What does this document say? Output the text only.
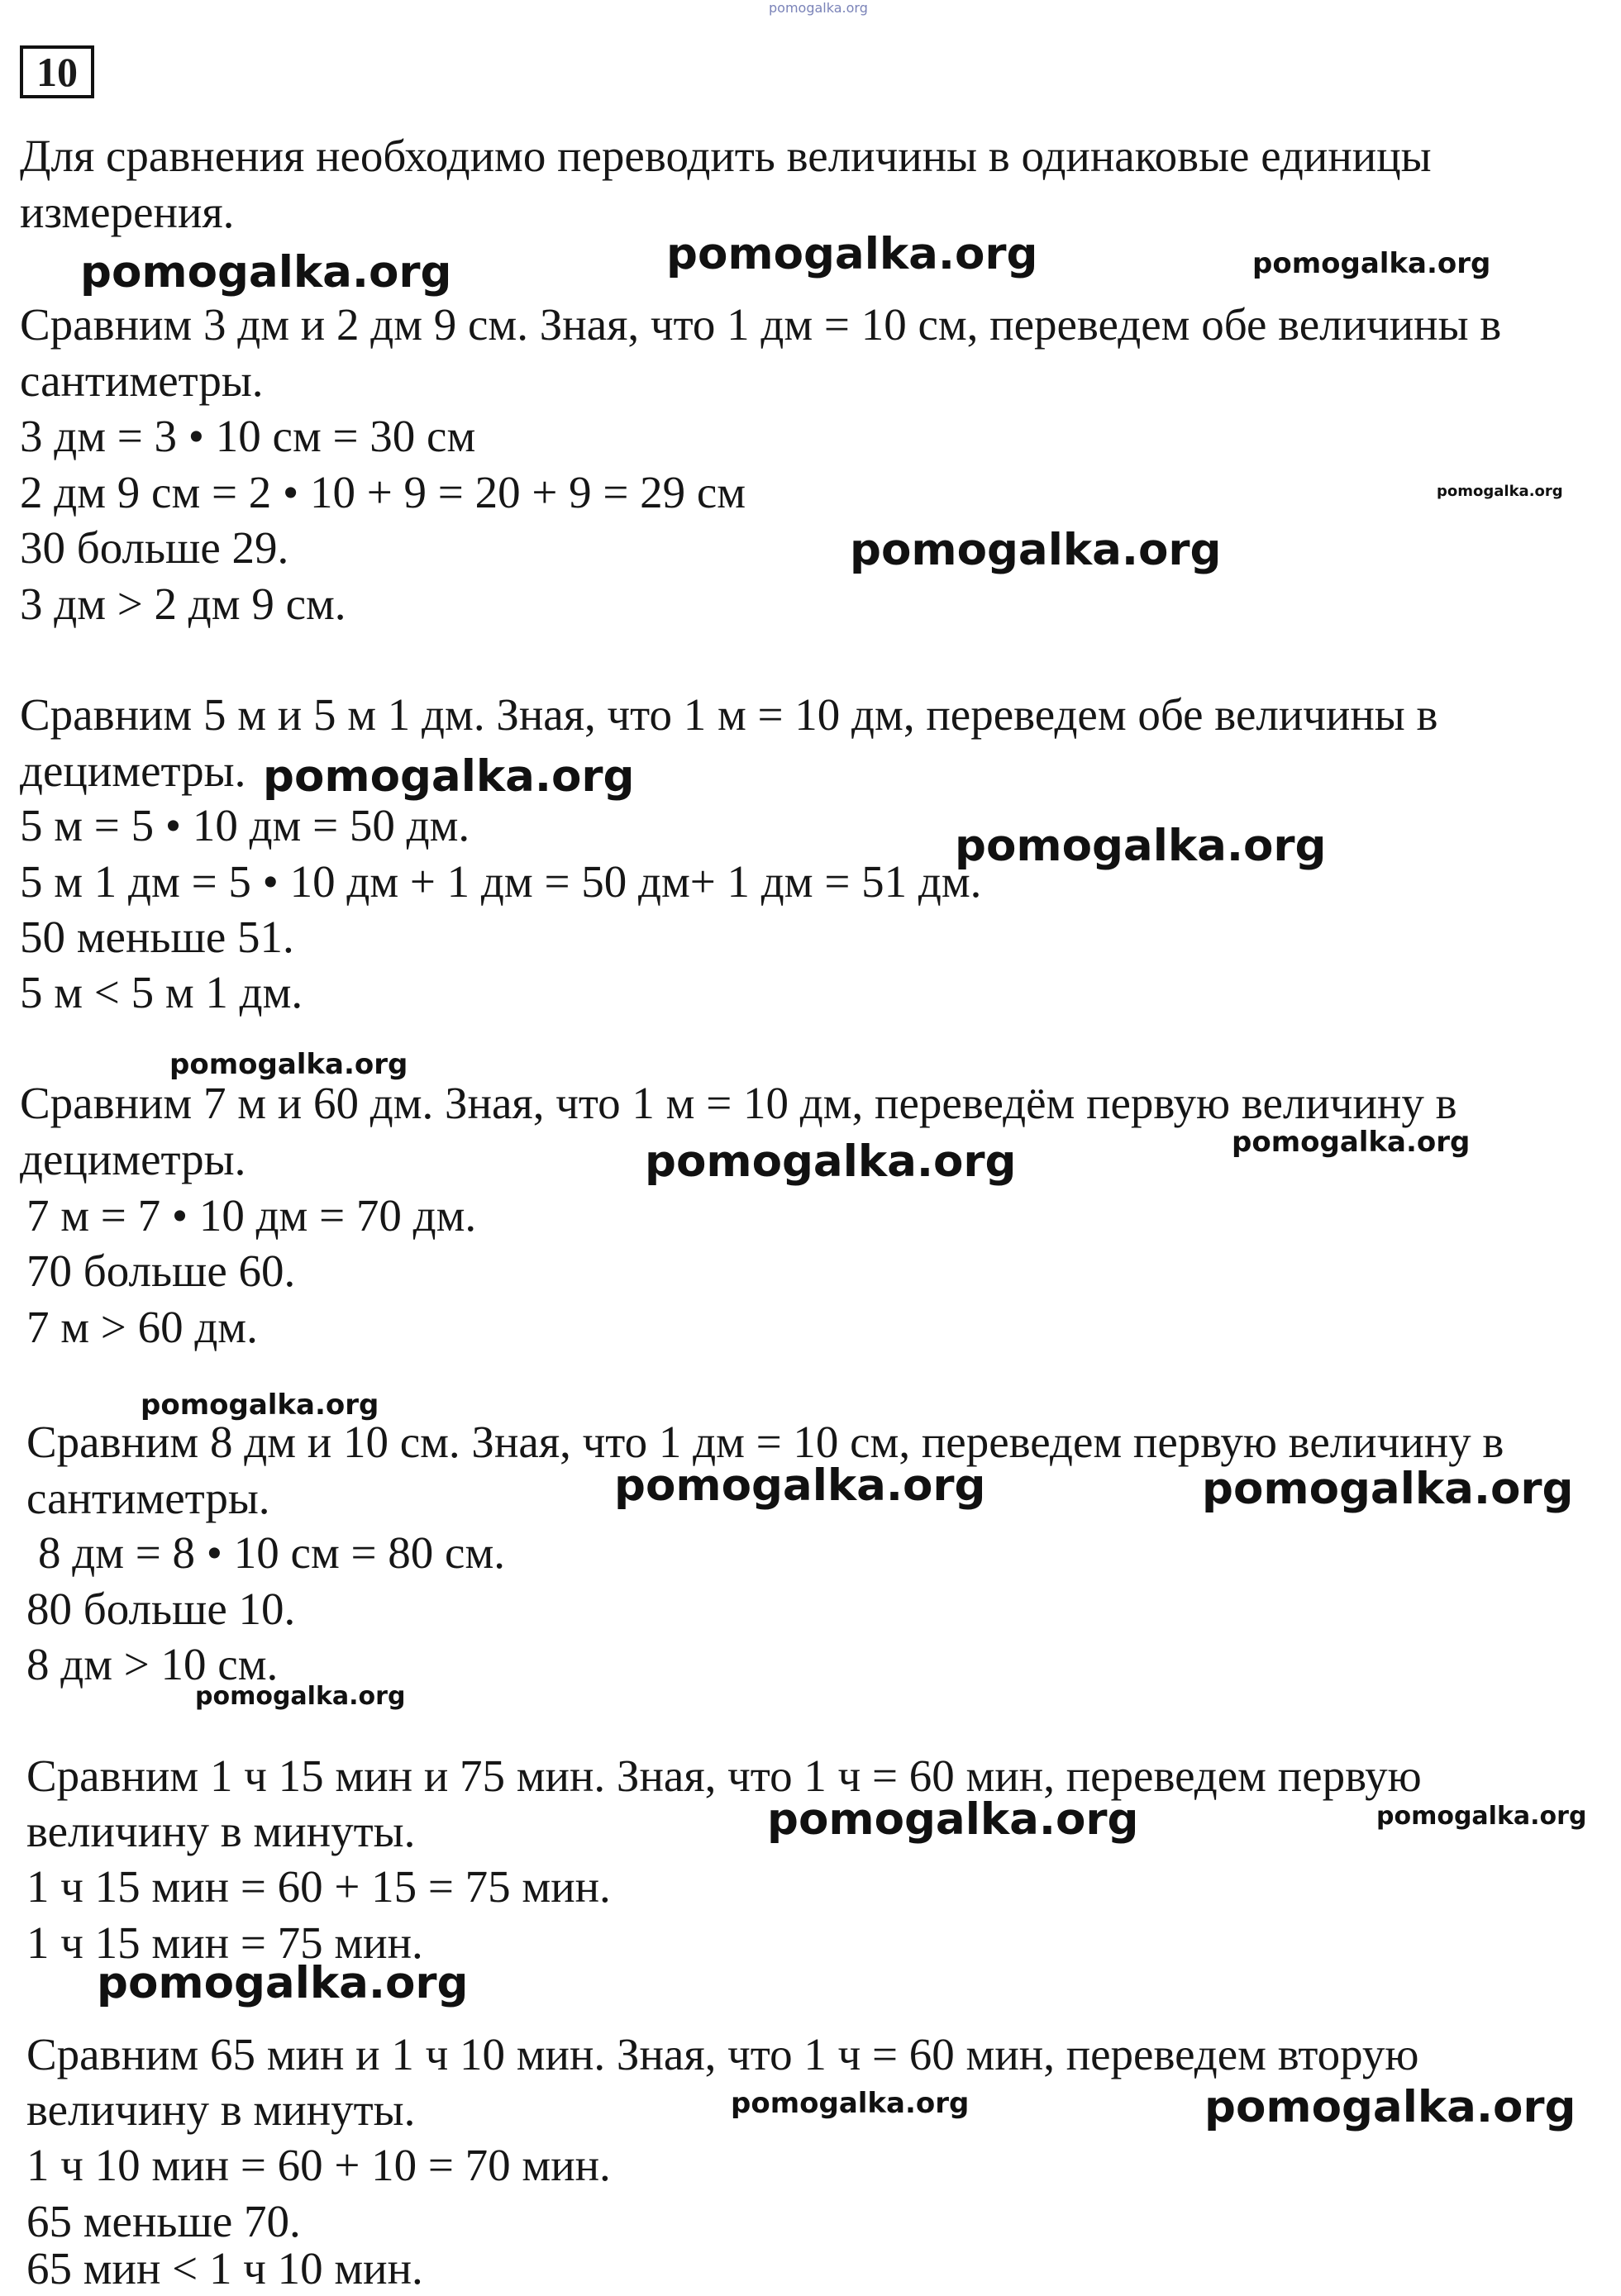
pomogalka.org
10
Для сравнения необходимо переводить величины в одинаковые единицы
измерения.
Сравним 3 дм и 2 дм 9 см. Зная, что 1 дм = 10 см, переведем обе величины в
сантиметры.
3 дм = 3 • 10 см = 30 см
2 дм 9 см = 2 • 10 + 9 = 20 + 9 = 29 см
30 больше 29.
3 дм > 2 дм 9 см.
Сравним 5 м и 5 м 1 дм. Зная, что 1 м = 10 дм, переведем обе величины в
дециметры.
5 м = 5 • 10 дм = 50 дм.
5 м 1 дм = 5 • 10 дм + 1 дм = 50 дм+ 1 дм = 51 дм.
50 меньше 51.
5 м < 5 м 1 дм.
Сравним 7 м и 60 дм. Зная, что 1 м = 10 дм, переведём первую величину в
дециметры.
7 м = 7 • 10 дм = 70 дм.
70 больше 60.
7 м > 60 дм.
Сравним 8 дм и 10 см. Зная, что 1 дм = 10 см, переведем первую величину в
сантиметры.
8 дм = 8 • 10 см = 80 см.
80 больше 10.
8 дм > 10 см.
Сравним 1 ч 15 мин и 75 мин. Зная, что 1 ч = 60 мин, переведем первую
величину в минуты.
1 ч 15 мин = 60 + 15 = 75 мин.
1 ч 15 мин = 75 мин.
Сравним 65 мин и 1 ч 10 мин. Зная, что 1 ч = 60 мин, переведем вторую
величину в минуты.
1 ч 10 мин = 60 + 10 = 70 мин.
65 меньше 70.
65 мин < 1 ч 10 мин.
pomogalka.org	pomogalka.org	pomogalka.org
pomogalka.org
pomogalka.org
pomogalka.org
pomogalka.org
pomogalka.org
pomogalka.org
pomogalka.org
pomogalka.org
pomogalka.org	pomogalka.org
pomogalka.org
pomogalka.org	pomogalka.org
pomogalka.org
pomogalka.org	pomogalka.org
